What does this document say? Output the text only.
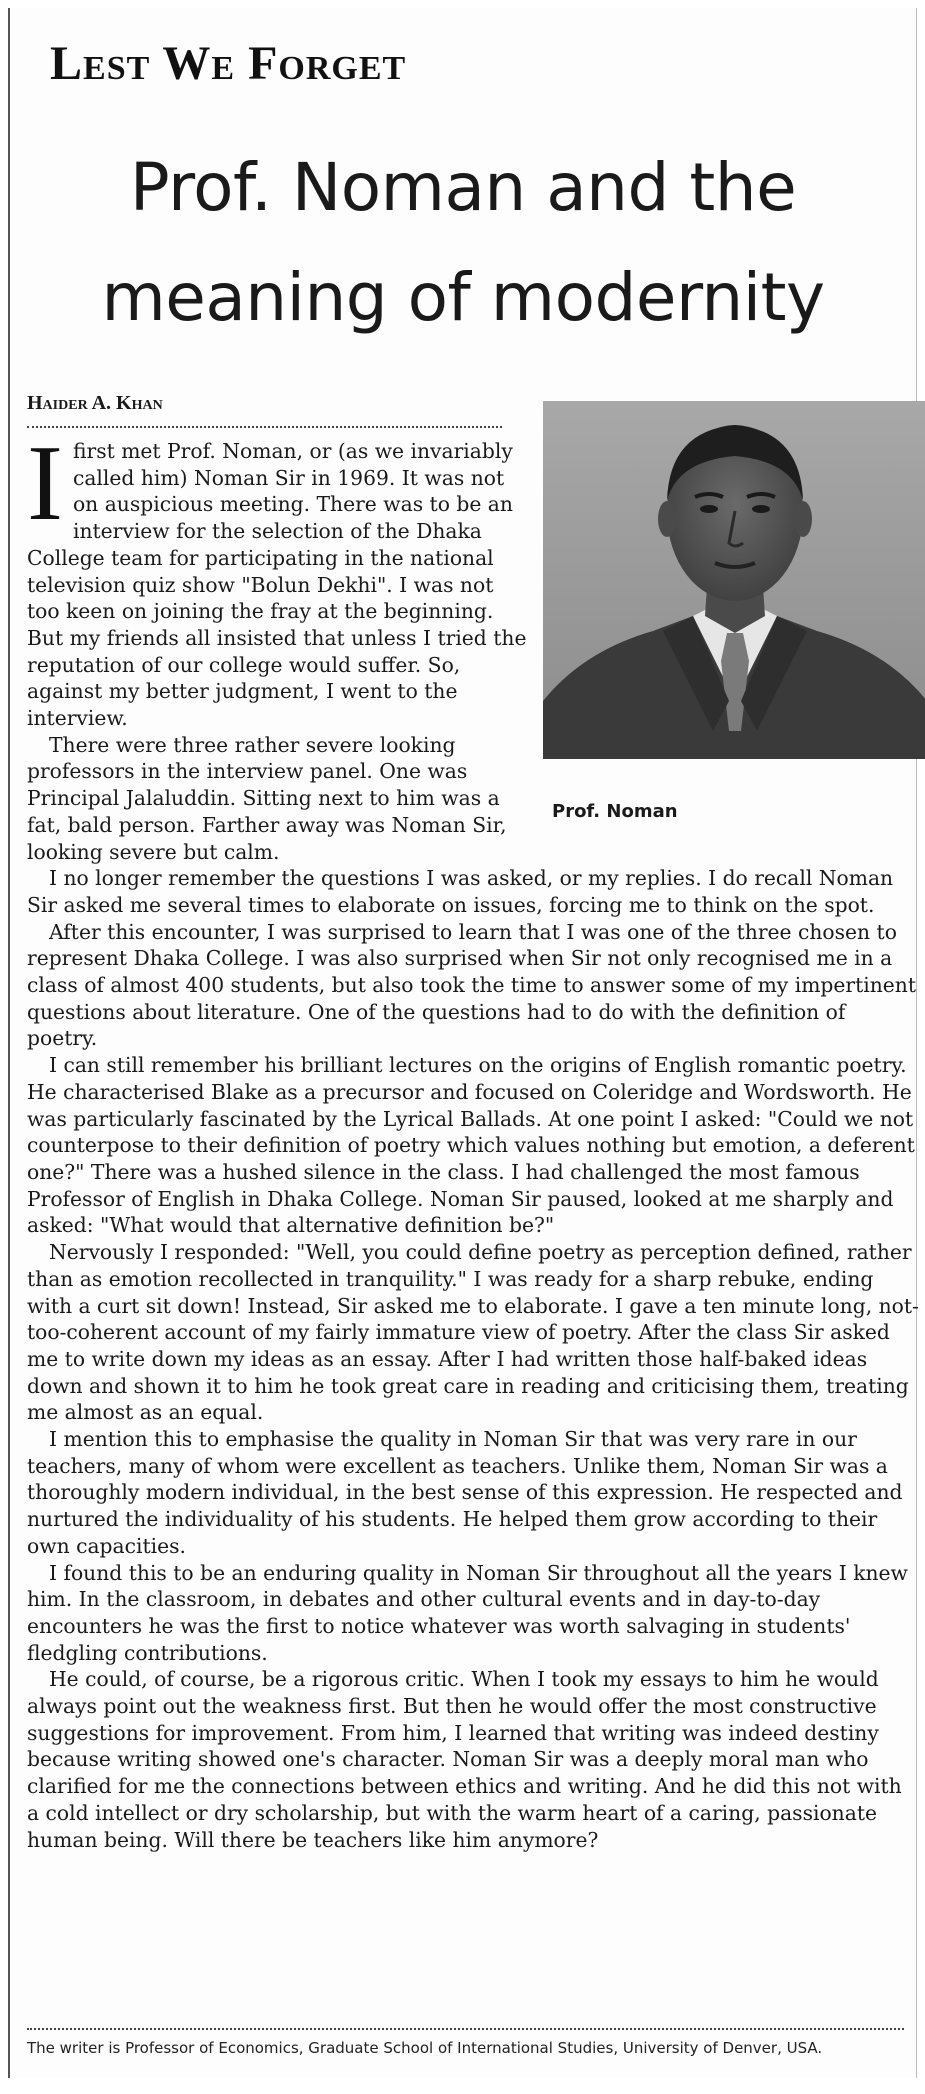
Lest We Forget
Prof. Noman and the
meaning of modernity
Haider A. Khan
Prof. Noman

I first met Prof. Noman, or (as we invariably called him) Noman Sir in 1969. It was not on auspicious meeting. There was to be an interview for the selection of the Dhaka College team for participating in the national television quiz show "Bolun Dekhi". I was not too keen on joining the fray at the beginning. But my friends all insisted that unless I tried the reputation of our college would suffer. So, against my better judgment, I went to the interview.

There were three rather severe looking professors in the interview panel. One was Principal Jalaluddin. Sitting next to him was a fat, bald person. Farther away was Noman Sir, looking severe but calm.

I no longer remember the questions I was asked, or my replies. I do recall Noman Sir asked me several times to elaborate on issues, forcing me to think on the spot.

After this encounter, I was surprised to learn that I was one of the three chosen to represent Dhaka College. I was also surprised when Sir not only recognised me in a class of almost 400 students, but also took the time to answer some of my impertinent questions about literature. One of the questions had to do with the definition of poetry.

I can still remember his brilliant lectures on the origins of English romantic poetry. He characterised Blake as a precursor and focused on Coleridge and Wordsworth. He was particularly fascinated by the Lyrical Ballads. At one point I asked: "Could we not counterpose to their definition of poetry which values nothing but emotion, a deferent one?" There was a hushed silence in the class. I had challenged the most famous Professor of English in Dhaka College. Noman Sir paused, looked at me sharply and asked: "What would that alternative definition be?"

Nervously I responded: "Well, you could define poetry as perception defined, rather than as emotion recollected in tranquility." I was ready for a sharp rebuke, ending with a curt sit down! Instead, Sir asked me to elaborate. I gave a ten minute long, not-too-coherent account of my fairly immature view of poetry. After the class Sir asked me to write down my ideas as an essay. After I had written those half-baked ideas down and shown it to him he took great care in reading and criticising them, treating me almost as an equal.

I mention this to emphasise the quality in Noman Sir that was very rare in our teachers, many of whom were excellent as teachers. Unlike them, Noman Sir was a thoroughly modern individual, in the best sense of this expression. He respected and nurtured the individuality of his students. He helped them grow according to their own capacities.

I found this to be an enduring quality in Noman Sir throughout all the years I knew him. In the classroom, in debates and other cultural events and in day-to-day encounters he was the first to notice whatever was worth salvaging in students' fledgling contributions.

He could, of course, be a rigorous critic. When I took my essays to him he would always point out the weakness first. But then he would offer the most constructive suggestions for improvement. From him, I learned that writing was indeed destiny because writing showed one's character. Noman Sir was a deeply moral man who clarified for me the connections between ethics and writing. And he did this not with a cold intellect or dry scholarship, but with the warm heart of a caring, passionate human being. Will there be teachers like him anymore?

The writer is Professor of Economics, Graduate School of International Studies, University of Denver, USA.
